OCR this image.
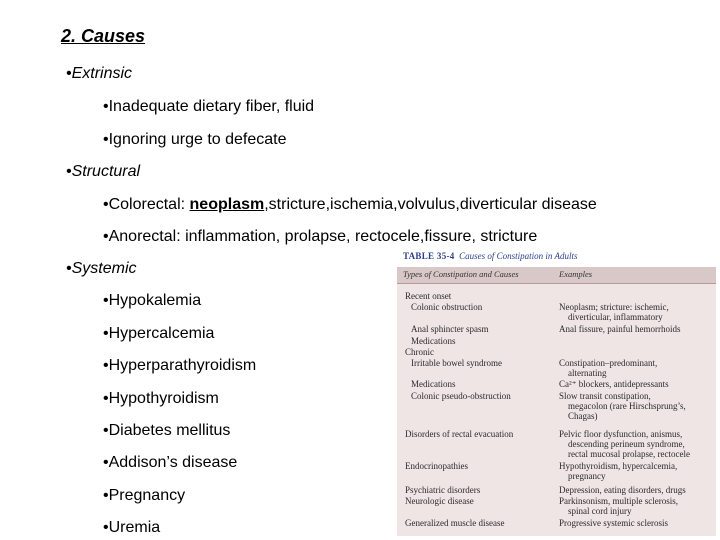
2. Causes
•Extrinsic
•Inadequate dietary fiber, fluid
•Ignoring urge to defecate
•Structural
•Colorectal: neoplasm,stricture,ischemia,volvulus,diverticular disease
•Anorectal: inflammation, prolapse, rectocele,fissure, stricture
•Systemic
•Hypokalemia
•Hypercalcemia
•Hyperparathyroidism
•Hypothyroidism
•Diabetes mellitus
•Addison’s disease
•Pregnancy
•Uremia
TABLE 35-4 Causes of Constipation in Adults
Types of Constipation and Causes	Examples
Recent onset
Colonic obstruction	Neoplasm; stricture: ischemic,
diverticular, inflammatory
Anal sphincter spasm	Anal fissure, painful hemorrhoids
Medications
Chronic
Irritable bowel syndrome	Constipation–predominant,
alternating
Medications	Ca²⁺ blockers, antidepressants
Colonic pseudo-obstruction	Slow transit constipation,
megacolon (rare Hirschsprung’s,
Chagas)
Disorders of rectal evacuation	Pelvic floor dysfunction, anismus,
descending perineum syndrome,
rectal mucosal prolapse, rectocele
Endocrinopathies	Hypothyroidism, hypercalcemia,
pregnancy
Psychiatric disorders	Depression, eating disorders, drugs
Neurologic disease	Parkinsonism, multiple sclerosis,
spinal cord injury
Generalized muscle disease	Progressive systemic sclerosis
